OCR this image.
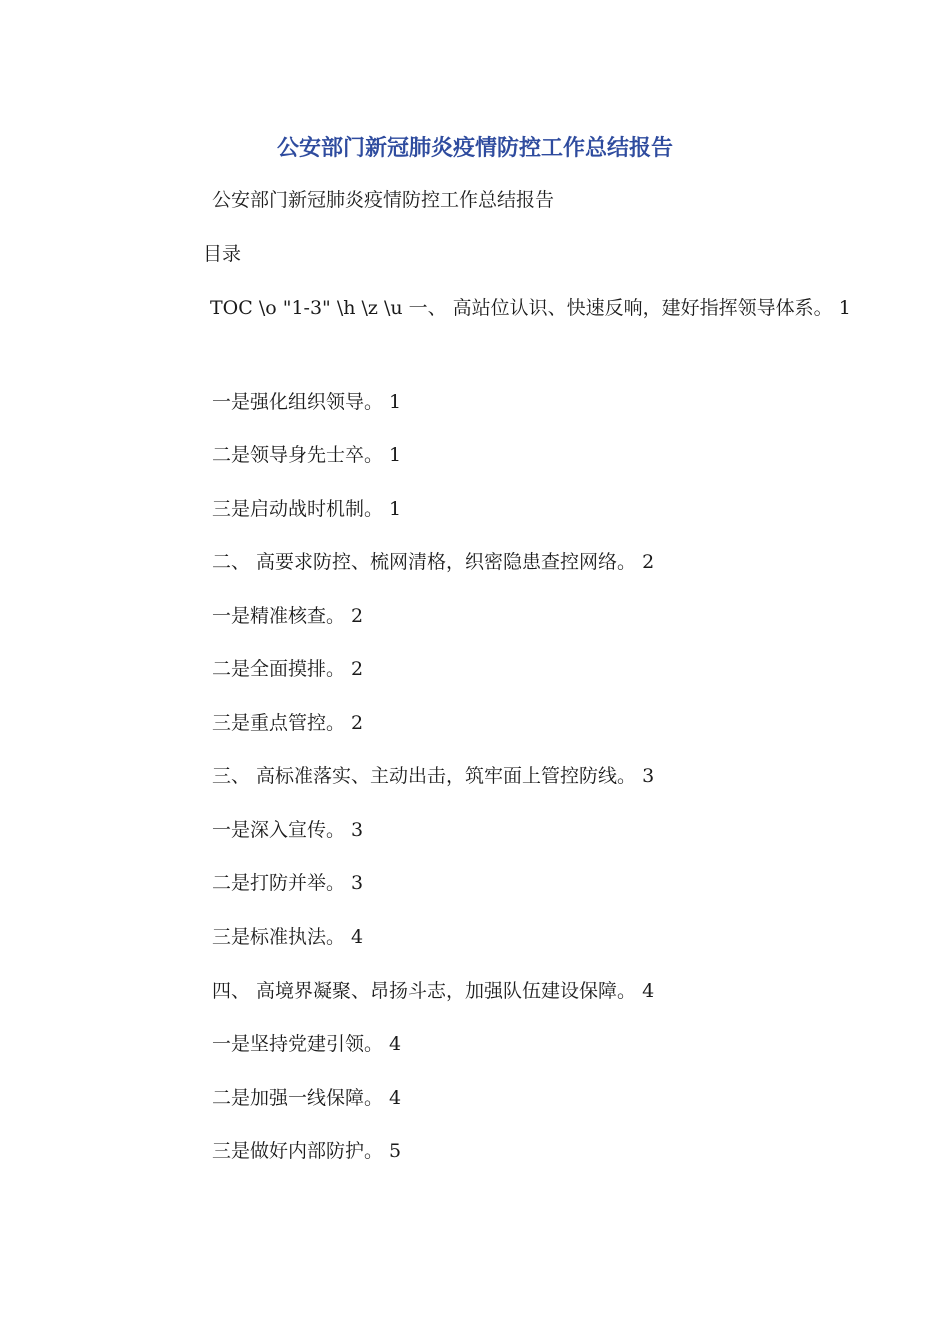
公安部门新冠肺炎疫情防控工作总结报告

公安部门新冠肺炎疫情防控工作总结报告

目录

TOC \o "1-3" \h \z \u 一、 高站位认识、快速反响，建好指挥领导体系。 1

一是强化组织领导。 1

二是领导身先士卒。 1

三是启动战时机制。 1

二、 高要求防控、梳网清格，织密隐患查控网络。 2

一是精准核查。 2

二是全面摸排。 2

三是重点管控。 2

三、 高标准落实、主动出击，筑牢面上管控防线。 3

一是深入宣传。 3

二是打防并举。 3

三是标准执法。 4

四、 高境界凝聚、昂扬斗志，加强队伍建设保障。 4

一是坚持党建引领。 4

二是加强一线保障。 4

三是做好内部防护。 5
